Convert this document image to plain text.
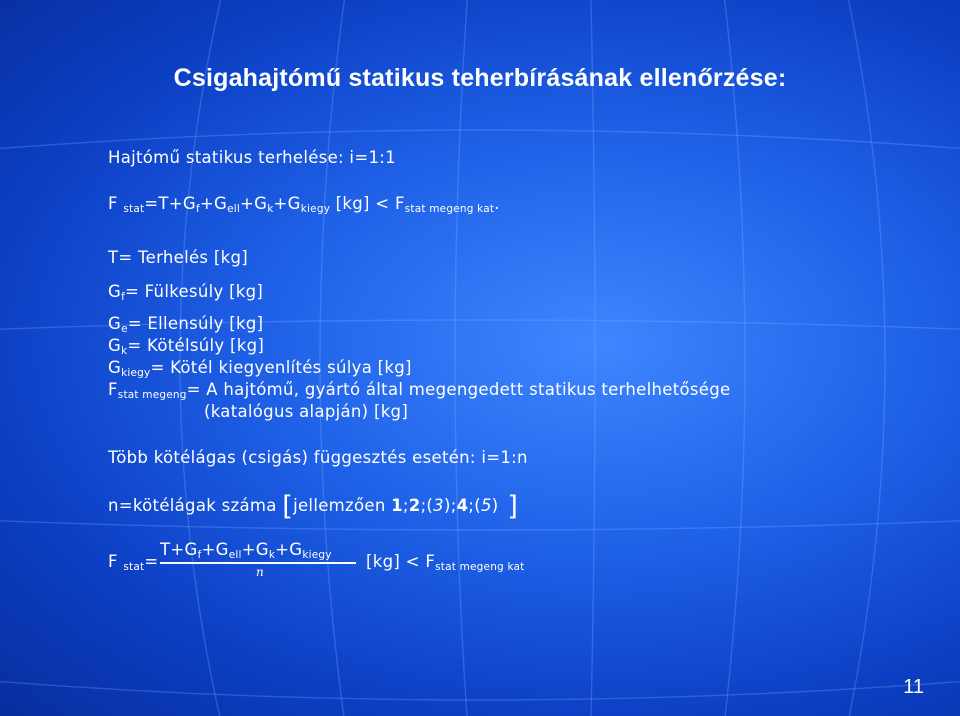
Csigahajtómű statikus teherbírásának ellenőrzése:
Hajtómű statikus terhelése: i=1:1
F $_{stat}=T+G_f+G_{ell}+G_k+G_{kiegy}$ $[kg] < F_{stat megeng kat}$.
T= Terhelés [kg]
$G_f=$ Fülkesúly [kg]
$G_e=$ Ellensúly [kg]
$G_k=$ Kötélsúly [kg]
$G_{kiegy}=$ Kötél kiegyenlítés súlya [kg]
$F_{stat megeng}= A$ hajtómű, gyártó által megengedett statikus terhelhetősége
(katalógus alapján) [kg]
Több kötélágas (csigás) függesztés esetén: i=1:n
n=kötélágak száma [jellemzően 1;2;(3);4;(5) ]
F $_{stat}$=
$T+G_f+G_{ell}+G_k+G_{kiegy}$
n
$[kg] < F_{stat megeng kat}$
11
